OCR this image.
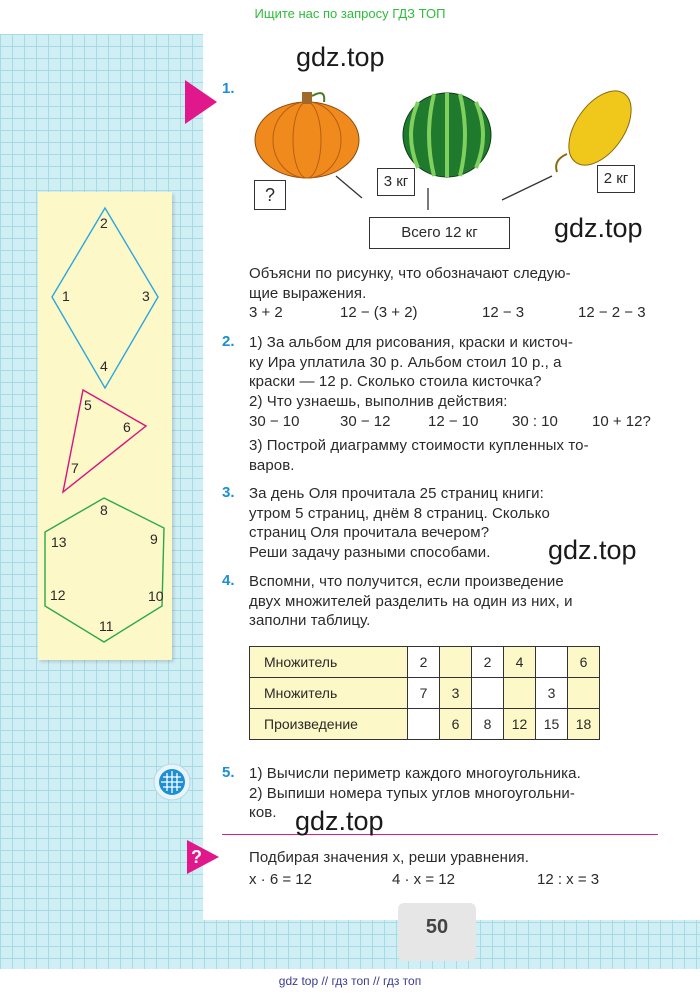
Ищите нас по запросу ГДЗ ТОП
50
gdz top // гдз топ // гдз топ
2
1	3
4
5
6
7
8
13	9
12	10
11
?
gdz.top
gdz.top
gdz.top
gdz.top
1.
?
3 кг	2 кг
Всего 12 кг
Объясни по рисунку, что обозначают следую-
щие выражения.
3 + 2	12 − (3 + 2)	12 − 3	12 − 2 − 3
2. 1) За альбом для рисования, краски и кисточ-
ку Ира уплатила 30 р. Альбом стоил 10 р., а
краски — 12 р. Сколько стоила кисточка?
2) Что узнаешь, выполнив действия:
30 − 10	30 − 12	12 − 10 30 : 10 10 + 12?
3) Построй диаграмму стоимости купленных то-
варов.
3. За день Оля прочитала 25 страниц книги:
утром 5 страниц, днём 8 страниц. Сколько
страниц Оля прочитала вечером?
Реши задачу разными способами.
4. Вспомни, что получится, если произведение
двух множителей разделить на один из них, и
заполни таблицу.
Множитель	2		2	4		6
Множитель	7	3			3	
Произведение		6	8	12	15	18
5. 1) Вычисли периметр каждого многоугольника.
2) Выпиши номера тупых углов многоугольни-
ков.
Подбирая значения x, реши уравнения.
x · 6 = 12	4 · x = 12	12 : x = 3
